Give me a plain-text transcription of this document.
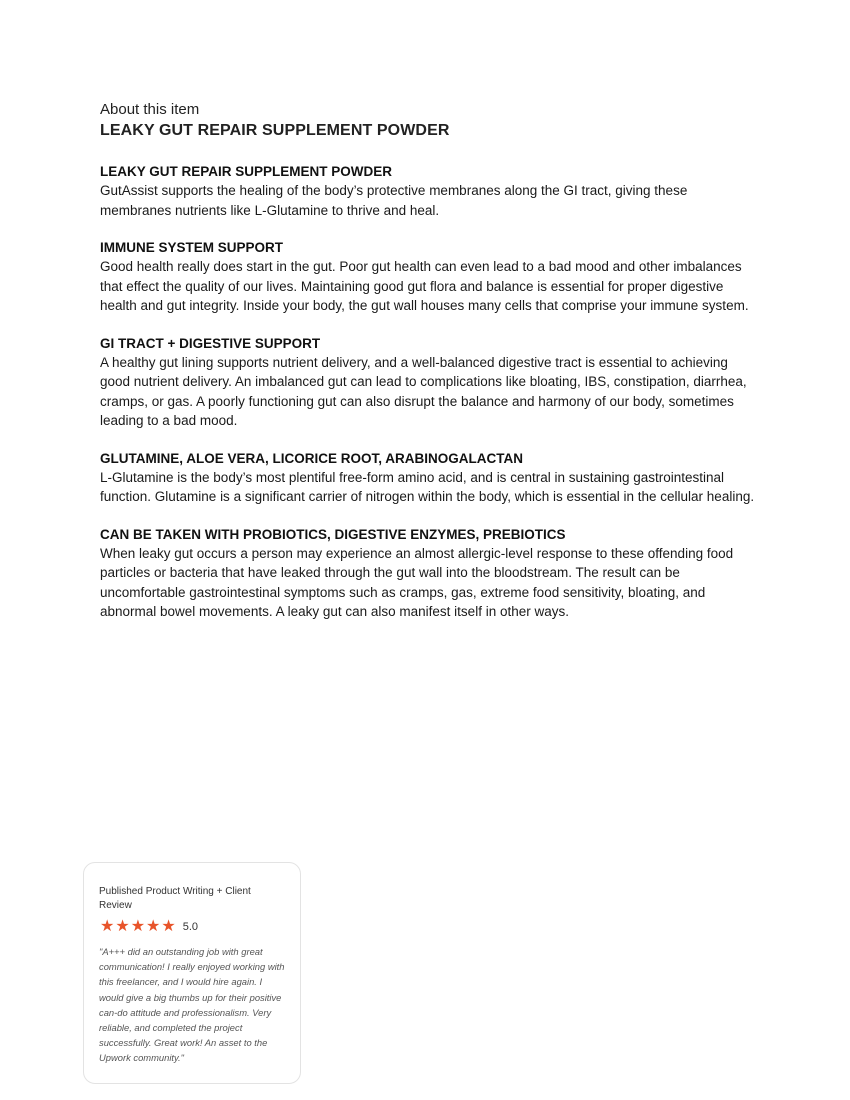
About this item

LEAKY GUT REPAIR SUPPLEMENT POWDER
LEAKY GUT REPAIR SUPPLEMENT POWDER

GutAssist supports the healing of the body’s protective membranes along the GI tract, giving these membranes nutrients like L-Glutamine to thrive and heal.

IMMUNE SYSTEM SUPPORT

Good health really does start in the gut. Poor gut health can even lead to a bad mood and other imbalances that effect the quality of our lives. Maintaining good gut flora and balance is essential for proper digestive health and gut integrity. Inside your body, the gut wall houses many cells that comprise your immune system.

GI TRACT + DIGESTIVE SUPPORT

A healthy gut lining supports nutrient delivery, and a well-balanced digestive tract is essential to achieving good nutrient delivery. An imbalanced gut can lead to complications like bloating, IBS, constipation, diarrhea, cramps, or gas. A poorly functioning gut can also disrupt the balance and harmony of our body, sometimes leading to a bad mood.

GLUTAMINE, ALOE VERA, LICORICE ROOT, ARABINOGALACTAN

L-Glutamine is the body’s most plentiful free-form amino acid, and is central in sustaining gastrointestinal function. Glutamine is a significant carrier of nitrogen within the body, which is essential in the cellular healing.

CAN BE TAKEN WITH PROBIOTICS, DIGESTIVE ENZYMES, PREBIOTICS

When leaky gut occurs a person may experience an almost allergic-level response to these offending food particles or bacteria that have leaked through the gut wall into the bloodstream. The result can be uncomfortable gastrointestinal symptoms such as cramps, gas, extreme food sensitivity, bloating, and abnormal bowel movements. A leaky gut can also manifest itself in other ways.

Published Product Writing + Client Review

★ ★ ★ ★ ★ 5.0

"A+++ did an outstanding job with great communication! I really enjoyed working with this freelancer, and I would hire again. I would give a big thumbs up for their positive can-do attitude and professionalism. Very reliable, and completed the project successfully. Great work! An asset to the Upwork community."
